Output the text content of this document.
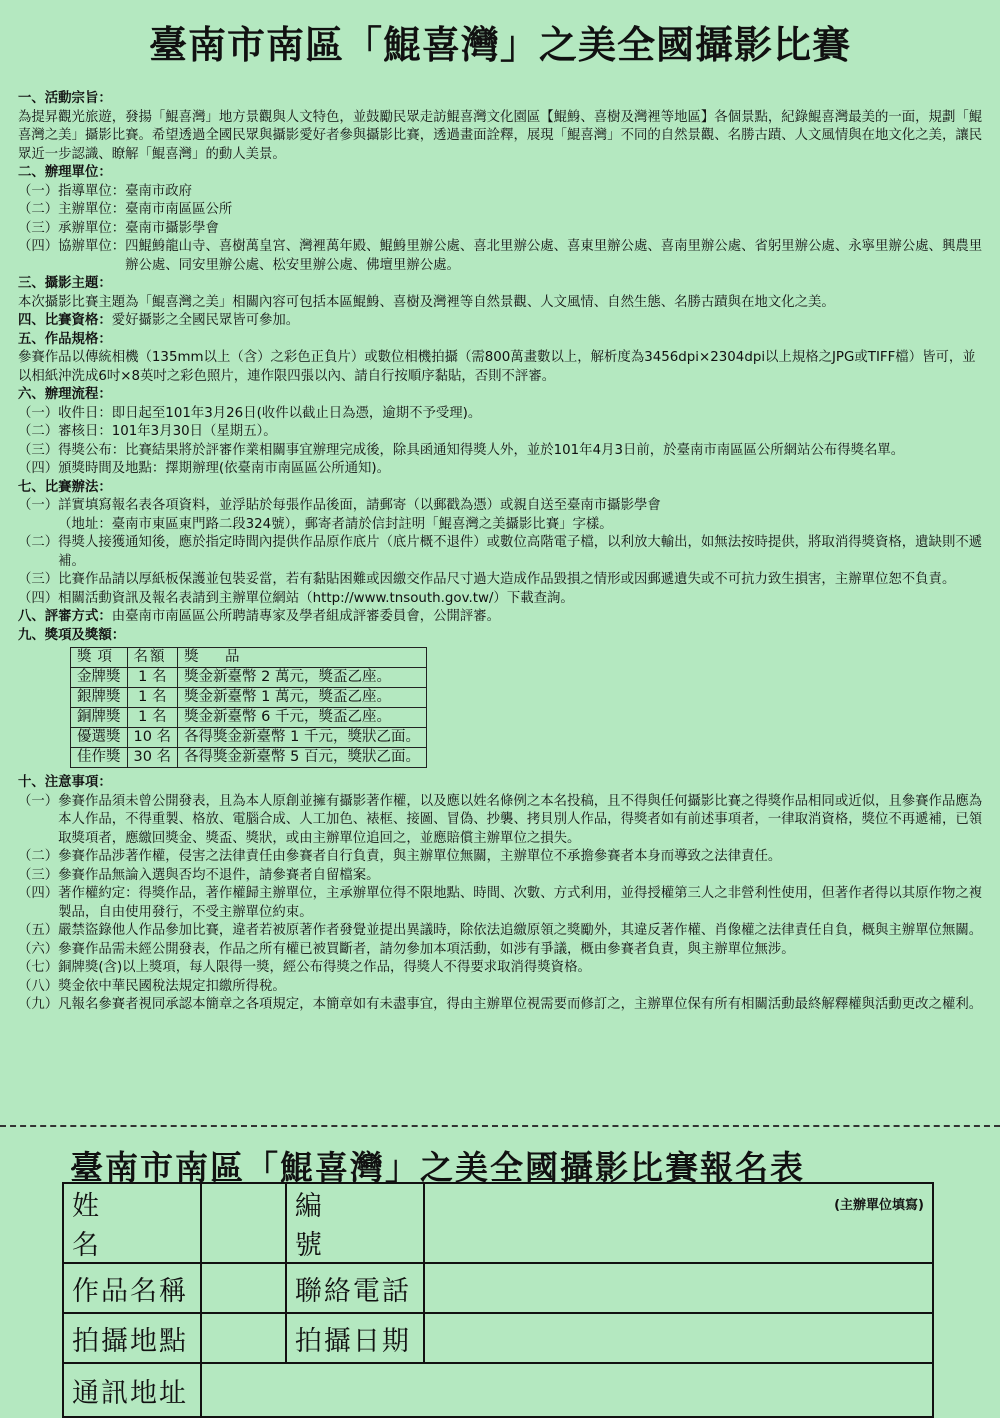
臺南市南區「鯤喜灣」之美全國攝影比賽
一、活動宗旨：
為提昇觀光旅遊，發揚「鯤喜灣」地方景觀與人文特色，並鼓勵民眾走訪鯤喜灣文化園區【鯤鯓、喜樹及灣裡等地區】各個景點，紀錄鯤喜灣最美的一面，規劃「鯤喜灣之美」攝影比賽。希望透過全國民眾與攝影愛好者參與攝影比賽，透過畫面詮釋，展現「鯤喜灣」不同的自然景觀、名勝古蹟、人文風情與在地文化之美，讓民眾近一步認識、瞭解「鯤喜灣」的動人美景。
二、辦理單位：
（一）指導單位： 臺南市政府
（二）主辦單位： 臺南市南區區公所
（三）承辦單位： 臺南市攝影學會
（四）協辦單位： 四鯤鯓龍山寺、喜樹萬皇宮、灣裡萬年殿、鯤鯓里辦公處、喜北里辦公處、喜東里辦公處、喜南里辦公處、省躬里辦公處、永寧里辦公處、興農里辦公處、同安里辦公處、松安里辦公處、佛壇里辦公處。
三、攝影主題：
本次攝影比賽主題為「鯤喜灣之美」相關內容可包括本區鯤鯓、喜樹及灣裡等自然景觀、人文風情、自然生態、名勝古蹟與在地文化之美。
四、比賽資格： 愛好攝影之全國民眾皆可參加。
五、作品規格：
參賽作品以傳統相機（135mm以上（含）之彩色正負片）或數位相機拍攝（需800萬畫數以上，解析度為3456dpi×2304dpi以上規格之JPG或TIFF檔）皆可，並以相紙沖洗成6吋×8英吋之彩色照片，連作限四張以內、請自行按順序黏貼，否則不評審。
六、辦理流程：
（一） 收件日：即日起至101年3月26日(收件以截止日為憑，逾期不予受理)。
（二） 審核日：101年3月30日（星期五）。
（三） 得獎公布：比賽結果將於評審作業相關事宜辦理完成後，除具函通知得獎人外，並於101年4月3日前，於臺南市南區區公所網站公布得獎名單。
（四） 頒獎時間及地點：擇期辦理(依臺南市南區區公所通知)。
七、比賽辦法：
（一） 詳實填寫報名表各項資料，並浮貼於每張作品後面，請郵寄（以郵戳為憑）或親自送至臺南市攝影學會
（地址：臺南市東區東門路二段324號），郵寄者請於信封註明「鯤喜灣之美攝影比賽」字樣。
（二） 得獎人接獲通知後，應於指定時間內提供作品原作底片（底片概不退件）或數位高階電子檔，以利放大輸出，如無法按時提供，將取消得獎資格，遺缺則不遞補。
（三） 比賽作品請以厚紙板保護並包裝妥當，若有黏貼困難或因繳交作品尺寸過大造成作品毀損之情形或因郵遞遺失或不可抗力致生損害，主辦單位恕不負責。
（四） 相關活動資訊及報名表請到主辦單位網站（http://www.tnsouth.gov.tw/）下載查詢。
八、評審方式： 由臺南市南區區公所聘請專家及學者組成評審委員會，公開評審。
九、獎項及獎額：
獎項	名額	獎　品
金牌獎	1 名	獎金新臺幣 2 萬元，獎盃乙座。
銀牌獎	1 名	獎金新臺幣 1 萬元，獎盃乙座。
銅牌獎	1 名	獎金新臺幣 6 千元，獎盃乙座。
優選獎	10 名	各得獎金新臺幣 1 千元，獎狀乙面。
佳作獎	30 名	各得獎金新臺幣 5 百元，獎狀乙面。
十、注意事項：
（一） 參賽作品須未曾公開發表，且為本人原創並擁有攝影著作權，以及應以姓名條例之本名投稿，且不得與任何攝影比賽之得獎作品相同或近似，且參賽作品應為本人作品，不得重製、格放、電腦合成、人工加色、裱框、接圖、冒偽、抄襲、拷貝別人作品，得獎者如有前述事項者，一律取消資格，獎位不再遞補，已領取獎項者，應繳回獎金、獎盃、獎狀，或由主辦單位追回之，並應賠償主辦單位之損失。
（二） 參賽作品涉著作權，侵害之法律責任由參賽者自行負責，與主辦單位無關，主辦單位不承擔參賽者本身而導致之法律責任。
（三） 參賽作品無論入選與否均不退件，請參賽者自留檔案。
（四） 著作權約定：得獎作品，著作權歸主辦單位，主承辦單位得不限地點、時間、次數、方式利用，並得授權第三人之非營利性使用，但著作者得以其原作物之複製品，自由使用發行，不受主辦單位約束。
（五） 嚴禁盜錄他人作品參加比賽，違者若被原著作者發覺並提出異議時，除依法追繳原領之獎勵外，其違反著作權、肖像權之法律責任自負，概與主辦單位無關。
（六） 參賽作品需未經公開發表，作品之所有權已被買斷者，請勿參加本項活動，如涉有爭議，概由參賽者負責，與主辦單位無涉。
（七） 銅牌獎(含)以上獎項，每人限得一獎，經公布得獎之作品，得獎人不得要求取消得獎資格。
（八） 獎金依中華民國稅法規定扣繳所得稅。
（九） 凡報名參賽者視同承認本簡章之各項規定，本簡章如有未盡事宜，得由主辦單位視需要而修訂之，主辦單位保有所有相關活動最終解釋權與活動更改之權利。
臺南市南區「鯤喜灣」之美全國攝影比賽報名表
姓名		編號	(主辦單位填寫)
作品名稱		聯絡電話	
拍攝地點		拍攝日期	
通訊地址			
